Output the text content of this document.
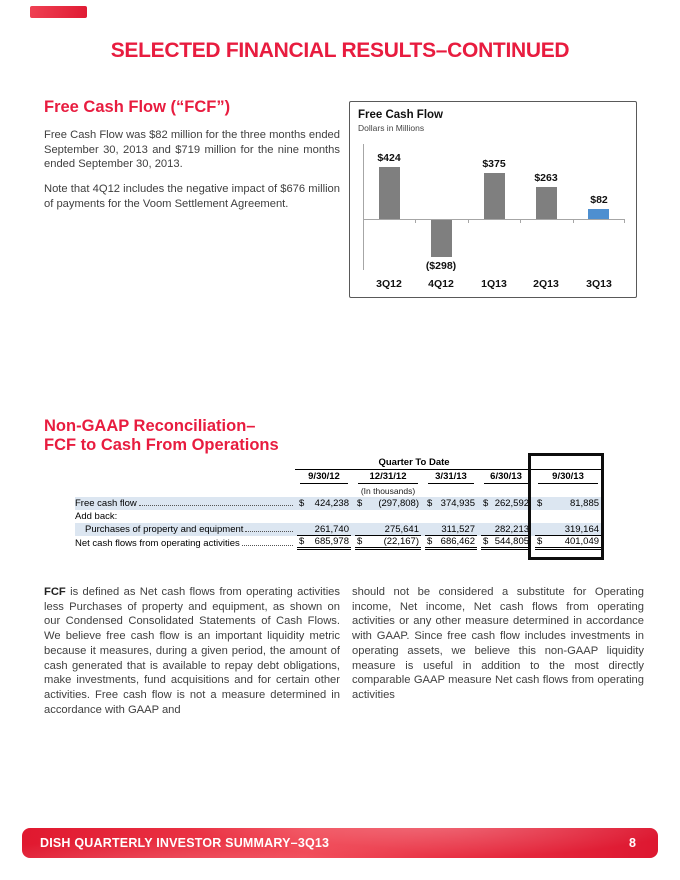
SELECTED FINANCIAL RESULTS–CONTINUED
Free Cash Flow (“FCF”)
Free Cash Flow was $82 million for the three months ended September 30, 2013 and $719 million for the nine months ended September 30, 2013.
Note that 4Q12 includes the negative impact of $676 million of payments for the Voom Settlement Agreement.
Free Cash Flow
Dollars in Millions
$424
($298)
$375
$263
$82
3Q12	4Q12	1Q13	2Q13	3Q13
Non-GAAP Reconciliation–
FCF to Cash From Operations
	Quarter To Date				

	9/30/12	12/31/12	3/31/13	6/30/13	9/30/13

		(In thousands)			

Free cash flow	$ 424,238	$ (297,808)	$ 374,935	$ 262,592	$ 81,885

Add back:					

Purchases of property and equipment	261,740	275,641	311,527	282,213	319,164

Net cash flows from operating activities	$ 685,978	$ (22,167)	$ 686,462	$ 544,805	$ 401,049
FCF is defined as Net cash flows from operating activities less Purchases of property and equipment, as shown on our Condensed Consolidated Statements of Cash Flows. We believe free cash flow is an important liquidity metric because it measures, during a given period, the amount of cash generated that is available to repay debt obligations, make investments, fund acquisitions and for certain other activities. Free cash flow is not a measure determined in accordance with GAAP and
should not be considered a substitute for Operating income, Net income, Net cash flows from operating activities or any other measure determined in accordance with GAAP. Since free cash flow includes investments in operating assets, we believe this non-GAAP liquidity measure is useful in addition to the most directly comparable GAAP measure Net cash flows from operating activities
DISH QUARTERLY INVESTOR SUMMARY–3Q13	8
